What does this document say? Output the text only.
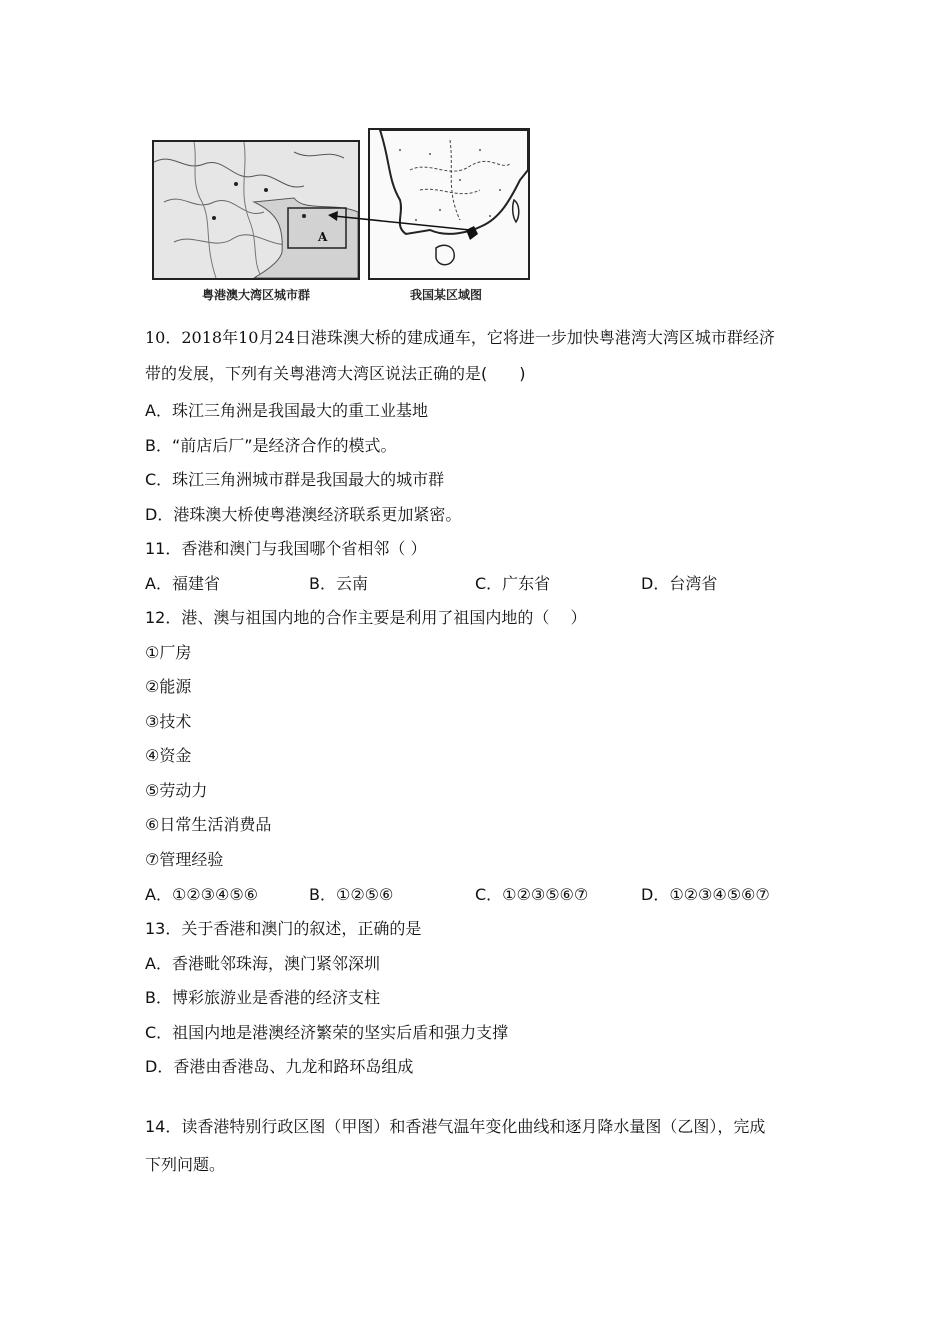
A
粤港澳大湾区城市群	我国某区域图
10．2018年10月24日港珠澳大桥的建成通车，它将进一步加快粤港湾大湾区城市群经济
带的发展，下列有关粤港湾大湾区说法正确的是(　　)
A．珠江三角洲是我国最大的重工业基地
B．“前店后厂”是经济合作的模式。
C．珠江三角洲城市群是我国最大的城市群
D．港珠澳大桥使粤港澳经济联系更加紧密。
11．香港和澳门与我国哪个省相邻（ ）
A．福建省	B．云南	C．广东省	D．台湾省
12．港、澳与祖国内地的合作主要是利用了祖国内地的（　 ）
①厂房
②能源
③技术
④资金
⑤劳动力
⑥日常生活消费品
⑦管理经验
A．①②③④⑤⑥	B．①②⑤⑥	C．①②③⑤⑥⑦	D．①②③④⑤⑥⑦
13．关于香港和澳门的叙述，正确的是
A．香港毗邻珠海，澳门紧邻深圳
B．博彩旅游业是香港的经济支柱
C．祖国内地是港澳经济繁荣的坚实后盾和强力支撑
D．香港由香港岛、九龙和路环岛组成
14．读香港特别行政区图（甲图）和香港气温年变化曲线和逐月降水量图（乙图），完成
下列问题。
